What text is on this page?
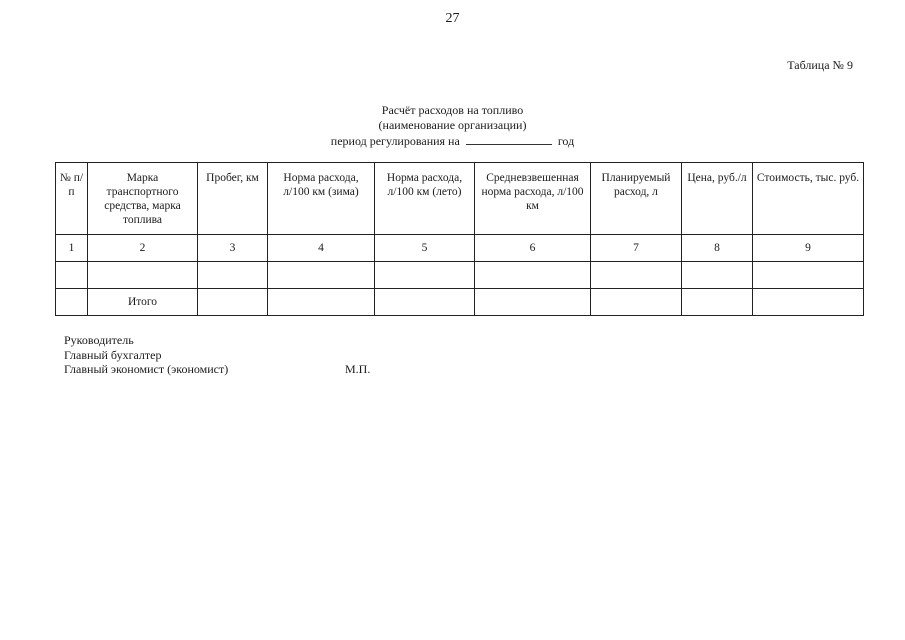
27
Таблица № 9
Расчёт расходов на топливо
(наименование организации)
период регулирования на	год
№ п/п	Марка транспортного средства, марка топлива	Пробег, км	Норма расхода, л/100 км (зима)	Норма расхода, л/100 км (лето)	Средневзвешенная норма расхода, л/100 км	Планируемый расход, л	Цена, руб./л	Стоимость, тыс. руб.
1	2	3	4	5	6	7	8	9

	Итого							
Руководитель
Главный бухгалтер
Главный экономист (экономист)	М.П.
